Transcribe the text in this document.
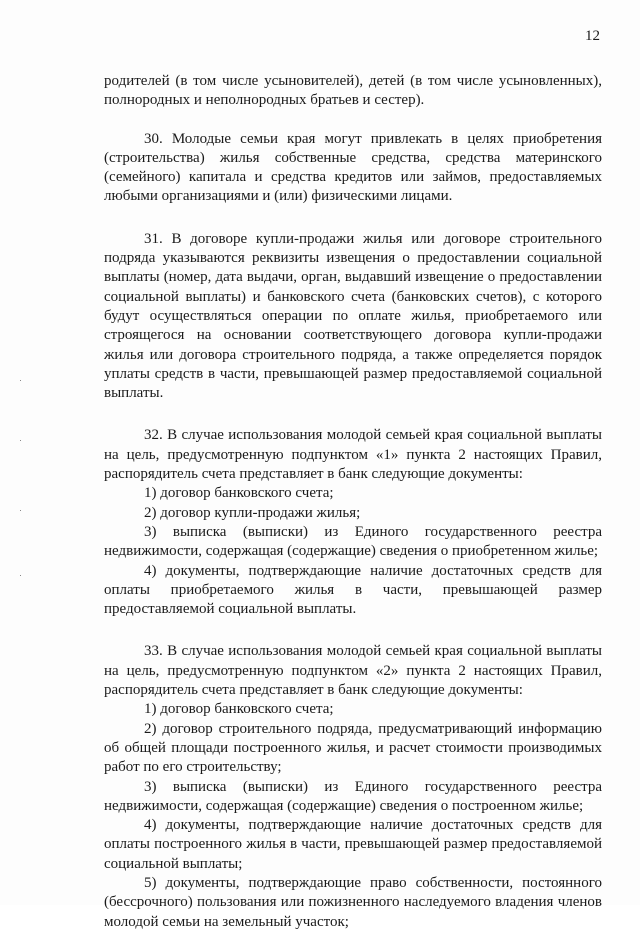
12

родителей (в том числе усыновителей), детей (в том числе усыновленных), полнородных и неполнородных братьев и сестер).

30. Молодые семьи края могут привлекать в целях приобретения (строительства) жилья собственные средства, средства материнского (семейного) капитала и средства кредитов или займов, предоставляемых любыми организациями и (или) физическими лицами.

31. В договоре купли-продажи жилья или договоре строительного подряда указываются реквизиты извещения о предоставлении социальной выплаты (номер, дата выдачи, орган, выдавший извещение о предоставлении социальной выплаты) и банковского счета (банковских счетов), с которого будут осуществляться операции по оплате жилья, приобретаемого или строящегося на основании соответствующего договора купли-продажи жилья или договора строительного подряда, а также определяется порядок уплаты средств в части, превышающей размер предоставляемой социальной выплаты.

32. В случае использования молодой семьей края социальной выплаты на цель, предусмотренную подпунктом «1» пункта 2 настоящих Правил, распорядитель счета представляет в банк следующие документы:

1) договор банковского счета;

2) договор купли-продажи жилья;

3) выписка (выписки) из Единого государственного реестра недвижимости, содержащая (содержащие) сведения о приобретенном жилье;

4) документы, подтверждающие наличие достаточных средств для оплаты приобретаемого жилья в части, превышающей размер предоставляемой социальной выплаты.

33. В случае использования молодой семьей края социальной выплаты на цель, предусмотренную подпунктом «2» пункта 2 настоящих Правил, распорядитель счета представляет в банк следующие документы:

1) договор банковского счета;

2) договор строительного подряда, предусматривающий информацию об общей площади построенного жилья, и расчет стоимости производимых работ по его строительству;

3) выписка (выписки) из Единого государственного реестра недвижимости, содержащая (содержащие) сведения о построенном жилье;

4) документы, подтверждающие наличие достаточных средств для оплаты построенного жилья в части, превышающей размер предоставляемой социальной выплаты;

5) документы, подтверждающие право собственности, постоянного (бессрочного) пользования или пожизненного наследуемого владения членов молодой семьи на земельный участок;
